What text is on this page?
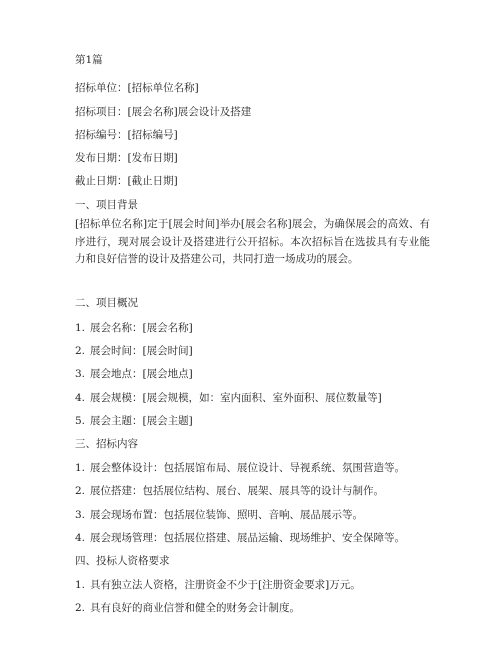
第1篇
招标单位：[招标单位名称]
招标项目：[展会名称]展会设计及搭建
招标编号：[招标编号]
发布日期：[发布日期]
截止日期：[截止日期]
一、项目背景
[招标单位名称]定于[展会时间]举办[展会名称]展会，为确保展会的高效、有序进行，现对展会设计及搭建进行公开招标。本次招标旨在选拔具有专业能力和良好信誉的设计及搭建公司，共同打造一场成功的展会。
二、项目概况
1. 展会名称：[展会名称]
2. 展会时间：[展会时间]
3. 展会地点：[展会地点]
4. 展会规模：[展会规模，如：室内面积、室外面积、展位数量等]
5. 展会主题：[展会主题]
三、招标内容
1. 展会整体设计：包括展馆布局、展位设计、导视系统、氛围营造等。
2. 展位搭建：包括展位结构、展台、展架、展具等的设计与制作。
3. 展会现场布置：包括展位装饰、照明、音响、展品展示等。
4. 展会现场管理：包括展位搭建、展品运输、现场维护、安全保障等。
四、投标人资格要求
1. 具有独立法人资格，注册资金不少于[注册资金要求]万元。
2. 具有良好的商业信誉和健全的财务会计制度。
